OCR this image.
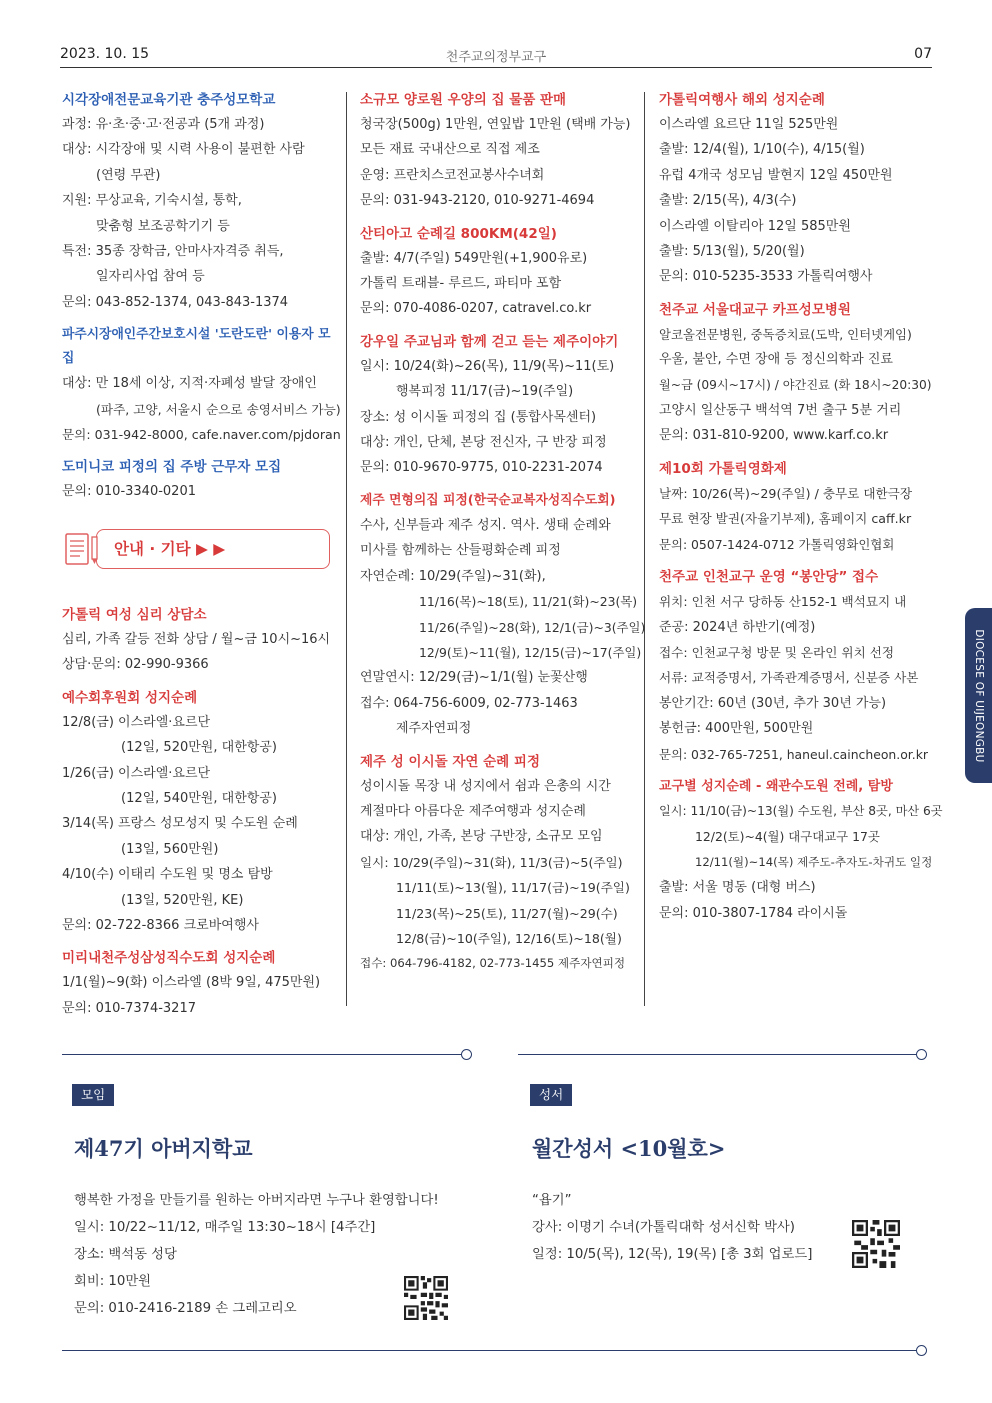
2023. 10. 15	천주교의정부교구	07
시각장애전문교육기관 충주성모학교
과정: 유·초·중·고·전공과 (5개 과정)
대상: 시각장애 및 시력 사용이 불편한 사람
(연령 무관)
지원: 무상교육, 기숙시설, 통학,
맞춤형 보조공학기기 등
특전: 35종 장학금, 안마사자격증 취득,
일자리사업 참여 등
문의: 043-852-1374, 043-843-1374
파주시장애인주간보호시설 '도란도란' 이용자 모집
대상: 만 18세 이상, 지적·자폐성 발달 장애인
(파주, 고양, 서울시 순으로 송영서비스 가능)
문의: 031-942-8000, cafe.naver.com/pjdoran
도미니코 피정의 집 주방 근무자 모집
문의: 010-3340-0201
안내 · 기타 ▶ ▶
가톨릭 여성 심리 상담소
심리, 가족 갈등 전화 상담 / 월~금 10시~16시
상담·문의: 02-990-9366
예수회후원회 성지순례
12/8(금) 이스라엘·요르단
(12일, 520만원, 대한항공)
1/26(금) 이스라엘·요르단
(12일, 540만원, 대한항공)
3/14(목) 프랑스 성모성지 및 수도원 순례
(13일, 560만원)
4/10(수) 이태리 수도원 및 명소 탐방
(13일, 520만원, KE)
문의: 02-722-8366 크로바여행사
미리내천주성삼성직수도회 성지순례
1/1(월)~9(화) 이스라엘 (8박 9일, 475만원)
문의: 010-7374-3217
소규모 양로원 우양의 집 물품 판매
청국장(500g) 1만원, 연잎밥 1만원 (택배 가능)
모든 재료 국내산으로 직접 제조
운영: 프란치스코전교봉사수녀회
문의: 031-943-2120, 010-9271-4694
산티아고 순례길 800KM(42일)
출발: 4/7(주일) 549만원(+1,900유로)
가톨릭 트래블- 루르드, 파티마 포함
문의: 070-4086-0207, catravel.co.kr
강우일 주교님과 함께 걷고 듣는 제주이야기
일시: 10/24(화)~26(목), 11/9(목)~11(토)
행복피정 11/17(금)~19(주일)
장소: 성 이시돌 피정의 집 (통합사목센터)
대상: 개인, 단체, 본당 전신자, 구 반장 피정
문의: 010-9670-9775, 010-2231-2074
제주 면형의집 피정(한국순교복자성직수도회)
수사, 신부들과 제주 성지. 역사. 생태 순례와
미사를 함께하는 산들평화순례 피정
자연순례: 10/29(주일)~31(화),
11/16(목)~18(토), 11/21(화)~23(목)
11/26(주일)~28(화), 12/1(금)~3(주일)
12/9(토)~11(월), 12/15(금)~17(주일)
연말연시: 12/29(금)~1/1(월) 눈꽃산행
접수: 064-756-6009, 02-773-1463
제주자연피정
제주 성 이시돌 자연 순례 피정
성이시돌 목장 내 성지에서 쉼과 은총의 시간
계절마다 아름다운 제주여행과 성지순례
대상: 개인, 가족, 본당 구반장, 소규모 모임
일시: 10/29(주일)~31(화), 11/3(금)~5(주일)
11/11(토)~13(월), 11/17(금)~19(주일)
11/23(목)~25(토), 11/27(월)~29(수)
12/8(금)~10(주일), 12/16(토)~18(월)
접수: 064-796-4182, 02-773-1455 제주자연피정
가톨릭여행사 해외 성지순례
이스라엘 요르단 11일 525만원
출발: 12/4(월), 1/10(수), 4/15(월)
유럽 4개국 성모님 발현지 12일 450만원
출발: 2/15(목), 4/3(수)
이스라엘 이탈리아 12일 585만원
출발: 5/13(월), 5/20(월)
문의: 010-5235-3533 가톨릭여행사
천주교 서울대교구 카프성모병원
알코올전문병원, 중독증치료(도박, 인터넷게임)
우울, 불안, 수면 장애 등 정신의학과 진료
월~금 (09시~17시) / 야간진료 (화 18시~20:30)
고양시 일산동구 백석역 7번 출구 5분 거리
문의: 031-810-9200, www.karf.co.kr
제10회 가톨릭영화제
날짜: 10/26(목)~29(주일) / 충무로 대한극장
무료 현장 발권(자율기부제), 홈페이지 caff.kr
문의: 0507-1424-0712 가톨릭영화인협회
천주교 인천교구 운영 “봉안당” 접수
위치: 인천 서구 당하동 산152-1 백석묘지 내
준공: 2024년 하반기(예정)
접수: 인천교구청 방문 및 온라인 위치 선정
서류: 교적증명서, 가족관계증명서, 신분증 사본
봉안기간: 60년 (30년, 추가 30년 가능)
봉헌금: 400만원, 500만원
문의: 032-765-7251, haneul.caincheon.or.kr
교구별 성지순례 - 왜관수도원 전례, 탐방
일시: 11/10(금)~13(월) 수도원, 부산 8곳, 마산 6곳
12/2(토)~4(월) 대구대교구 17곳
12/11(월)~14(목) 제주도-추자도-차귀도 일정
출발: 서울 명동 (대형 버스)
문의: 010-3807-1784 라이시돌
DIOCESE OF UIJEONGBU
모임
제47기 아버지학교
행복한 가정을 만들기를 원하는 아버지라면 누구나 환영합니다!
일시: 10/22~11/12, 매주일 13:30~18시 [4주간]
장소: 백석동 성당
회비: 10만원
문의: 010-2416-2189 손 그레고리오
성서
월간성서 <10월호>
“욥기”
강사: 이명기 수녀(가톨릭대학 성서신학 박사)
일정: 10/5(목), 12(목), 19(목) [총 3회 업로드]
